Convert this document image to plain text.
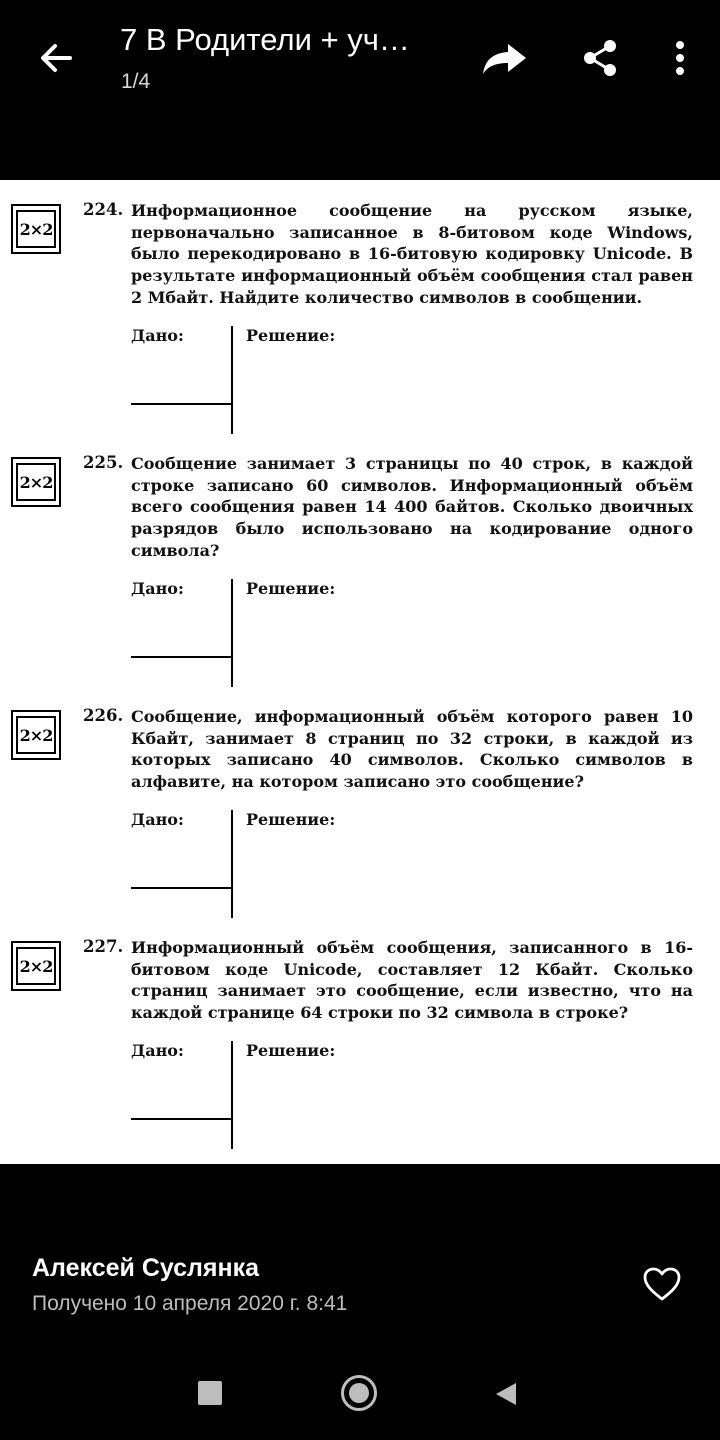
7 В Родители + уч…
1/4
2×2
224. Информационное сообщение на русском языке, первоначально записанное в 8-битовом коде Windows, было перекодировано в 16-битовую кодировку Unicode. В результате информационный объём сообщения стал равен 2 Мбайт. Найдите количество символов в сообщении.
Дано:	Решение:
2×2
225. Сообщение занимает 3 страницы по 40 строк, в каждой строке записано 60 символов. Информационный объём всего сообщения равен 14 400 байтов. Сколько двоичных разрядов было использовано на кодирование одного символа?
Дано:	Решение:
2×2
226. Сообщение, информационный объём которого равен 10 Кбайт, занимает 8 страниц по 32 строки, в каждой из которых записано 40 символов. Сколько символов в алфавите, на котором записано это сообщение?
Дано:	Решение:
2×2
227. Информационный объём сообщения, записанного в 16-битовом коде Unicode, составляет 12 Кбайт. Сколько страниц занимает это сообщение, если известно, что на каждой странице 64 строки по 32 символа в строке?
Дано:	Решение:
Алексей Суслянка
Получено 10 апреля 2020 г. 8:41
